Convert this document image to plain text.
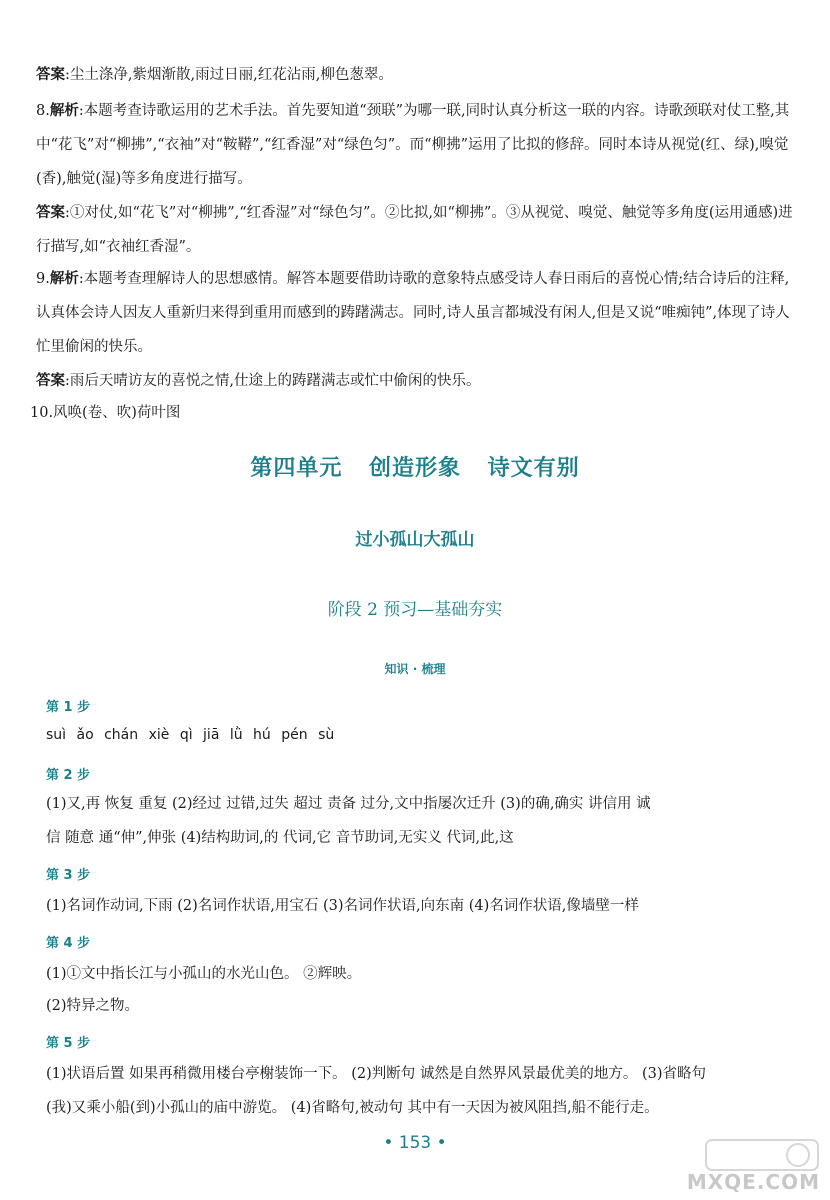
答案:尘土涤净,紫烟渐散,雨过日丽,红花沾雨,柳色葱翠。

8.解析:本题考查诗歌运用的艺术手法。首先要知道“颈联”为哪一联,同时认真分析这一联的内容。诗歌颈联对仗工整,其中“花飞”对“柳拂”,“衣袖”对“鞍鞯”,“红香湿”对“绿色匀”。而“柳拂”运用了比拟的修辞。同时本诗从视觉(红、绿),嗅觉(香),触觉(湿)等多角度进行描写。

答案:①对仗,如“花飞”对“柳拂”,“红香湿”对“绿色匀”。②比拟,如“柳拂”。③从视觉、嗅觉、触觉等多角度(运用通感)进行描写,如“衣袖红香湿”。

9.解析:本题考查理解诗人的思想感情。解答本题要借助诗歌的意象特点感受诗人春日雨后的喜悦心情;结合诗后的注释,认真体会诗人因友人重新归来得到重用而感到的踌躇满志。同时,诗人虽言都城没有闲人,但是又说“唯痴钝”,体现了诗人忙里偷闲的快乐。

答案:雨后天晴访友的喜悦之情,仕途上的踌躇满志或忙中偷闲的快乐。

10.风唤(卷、吹)荷叶图

第四单元 创造形象 诗文有别
过小孤山大孤山
阶段 2 预习—基础夯实
知识 · 梳理
第 1 步
suì ǎo chán xiè qì jiā lǜ hú pén sù
第 2 步

(1)又,再 恢复 重复 (2)经过 过错,过失 超过 责备 过分,文中指屡次迁升 (3)的确,确实 讲信用 诚

信 随意 通“伸”,伸张 (4)结构助词,的 代词,它 音节助词,无实义 代词,此,这

第 3 步

(1)名词作动词,下雨 (2)名词作状语,用宝石 (3)名词作状语,向东南 (4)名词作状语,像墙壁一样

第 4 步

(1)①文中指长江与小孤山的水光山色。 ②辉映。

(2)特异之物。

第 5 步

(1)状语后置 如果再稍微用楼台亭榭装饰一下。 (2)判断句 诚然是自然界风景最优美的地方。 (3)省略句

(我)又乘小船(到)小孤山的庙中游览。 (4)省略句,被动句 其中有一天因为被风阻挡,船不能行走。

• 153 •
MXQE.COM
